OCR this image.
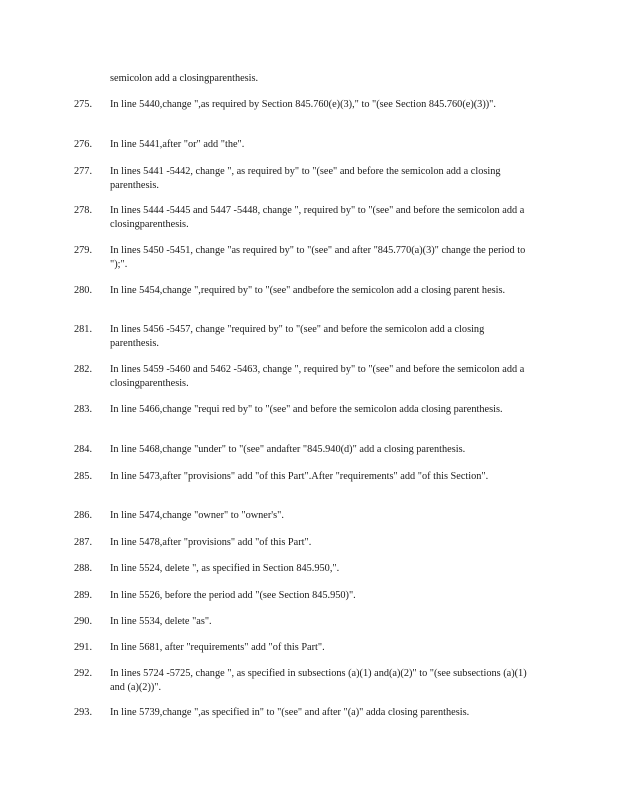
semicolon add a closingparenthesis.
275. In line 5440,change ",as required by Section 845.760(e)(3)," to "(see Section 845.760(e)(3))".
276. In line 5441,after "or" add "the".
277. In lines 5441 -5442, change ", as required by" to "(see" and before the semicolon add a closing parenthesis.
278. In lines 5444 -5445 and 5447 -5448, change ", required by" to "(see" and before the semicolon add a closingparenthesis.
279. In lines 5450 -5451, change "as required by" to "(see" and after "845.770(a)(3)" change the period to ");".
280. In line 5454,change ",required by" to "(see" andbefore the semicolon add a closing parent hesis.
281. In lines 5456 -5457, change "required by" to "(see" and before the semicolon add a closing parenthesis.
282. In lines 5459 -5460 and 5462 -5463, change ", required by" to "(see" and before the semicolon add a closingparenthesis.
283. In line 5466,change "requi red by" to "(see" and before the semicolon adda closing parenthesis.
284. In line 5468,change "under" to "(see" andafter "845.940(d)" add a closing parenthesis.
285. In line 5473,after "provisions" add "of this Part".After "requirements" add "of this Section".
286. In line 5474,change "owner" to "owner's".
287. In line 5478,after "provisions" add "of this Part".
288. In line 5524, delete ", as specified in Section 845.950,".
289. In line 5526, before the period add "(see Section 845.950)".
290. In line 5534, delete "as".
291. In line 5681, after "requirements" add "of this Part".
292. In lines 5724 -5725, change ", as specified in subsections (a)(1) and(a)(2)" to "(see subsections (a)(1) and (a)(2))".
293. In line 5739,change ",as specified in" to "(see" and after "(a)" adda closing parenthesis.
